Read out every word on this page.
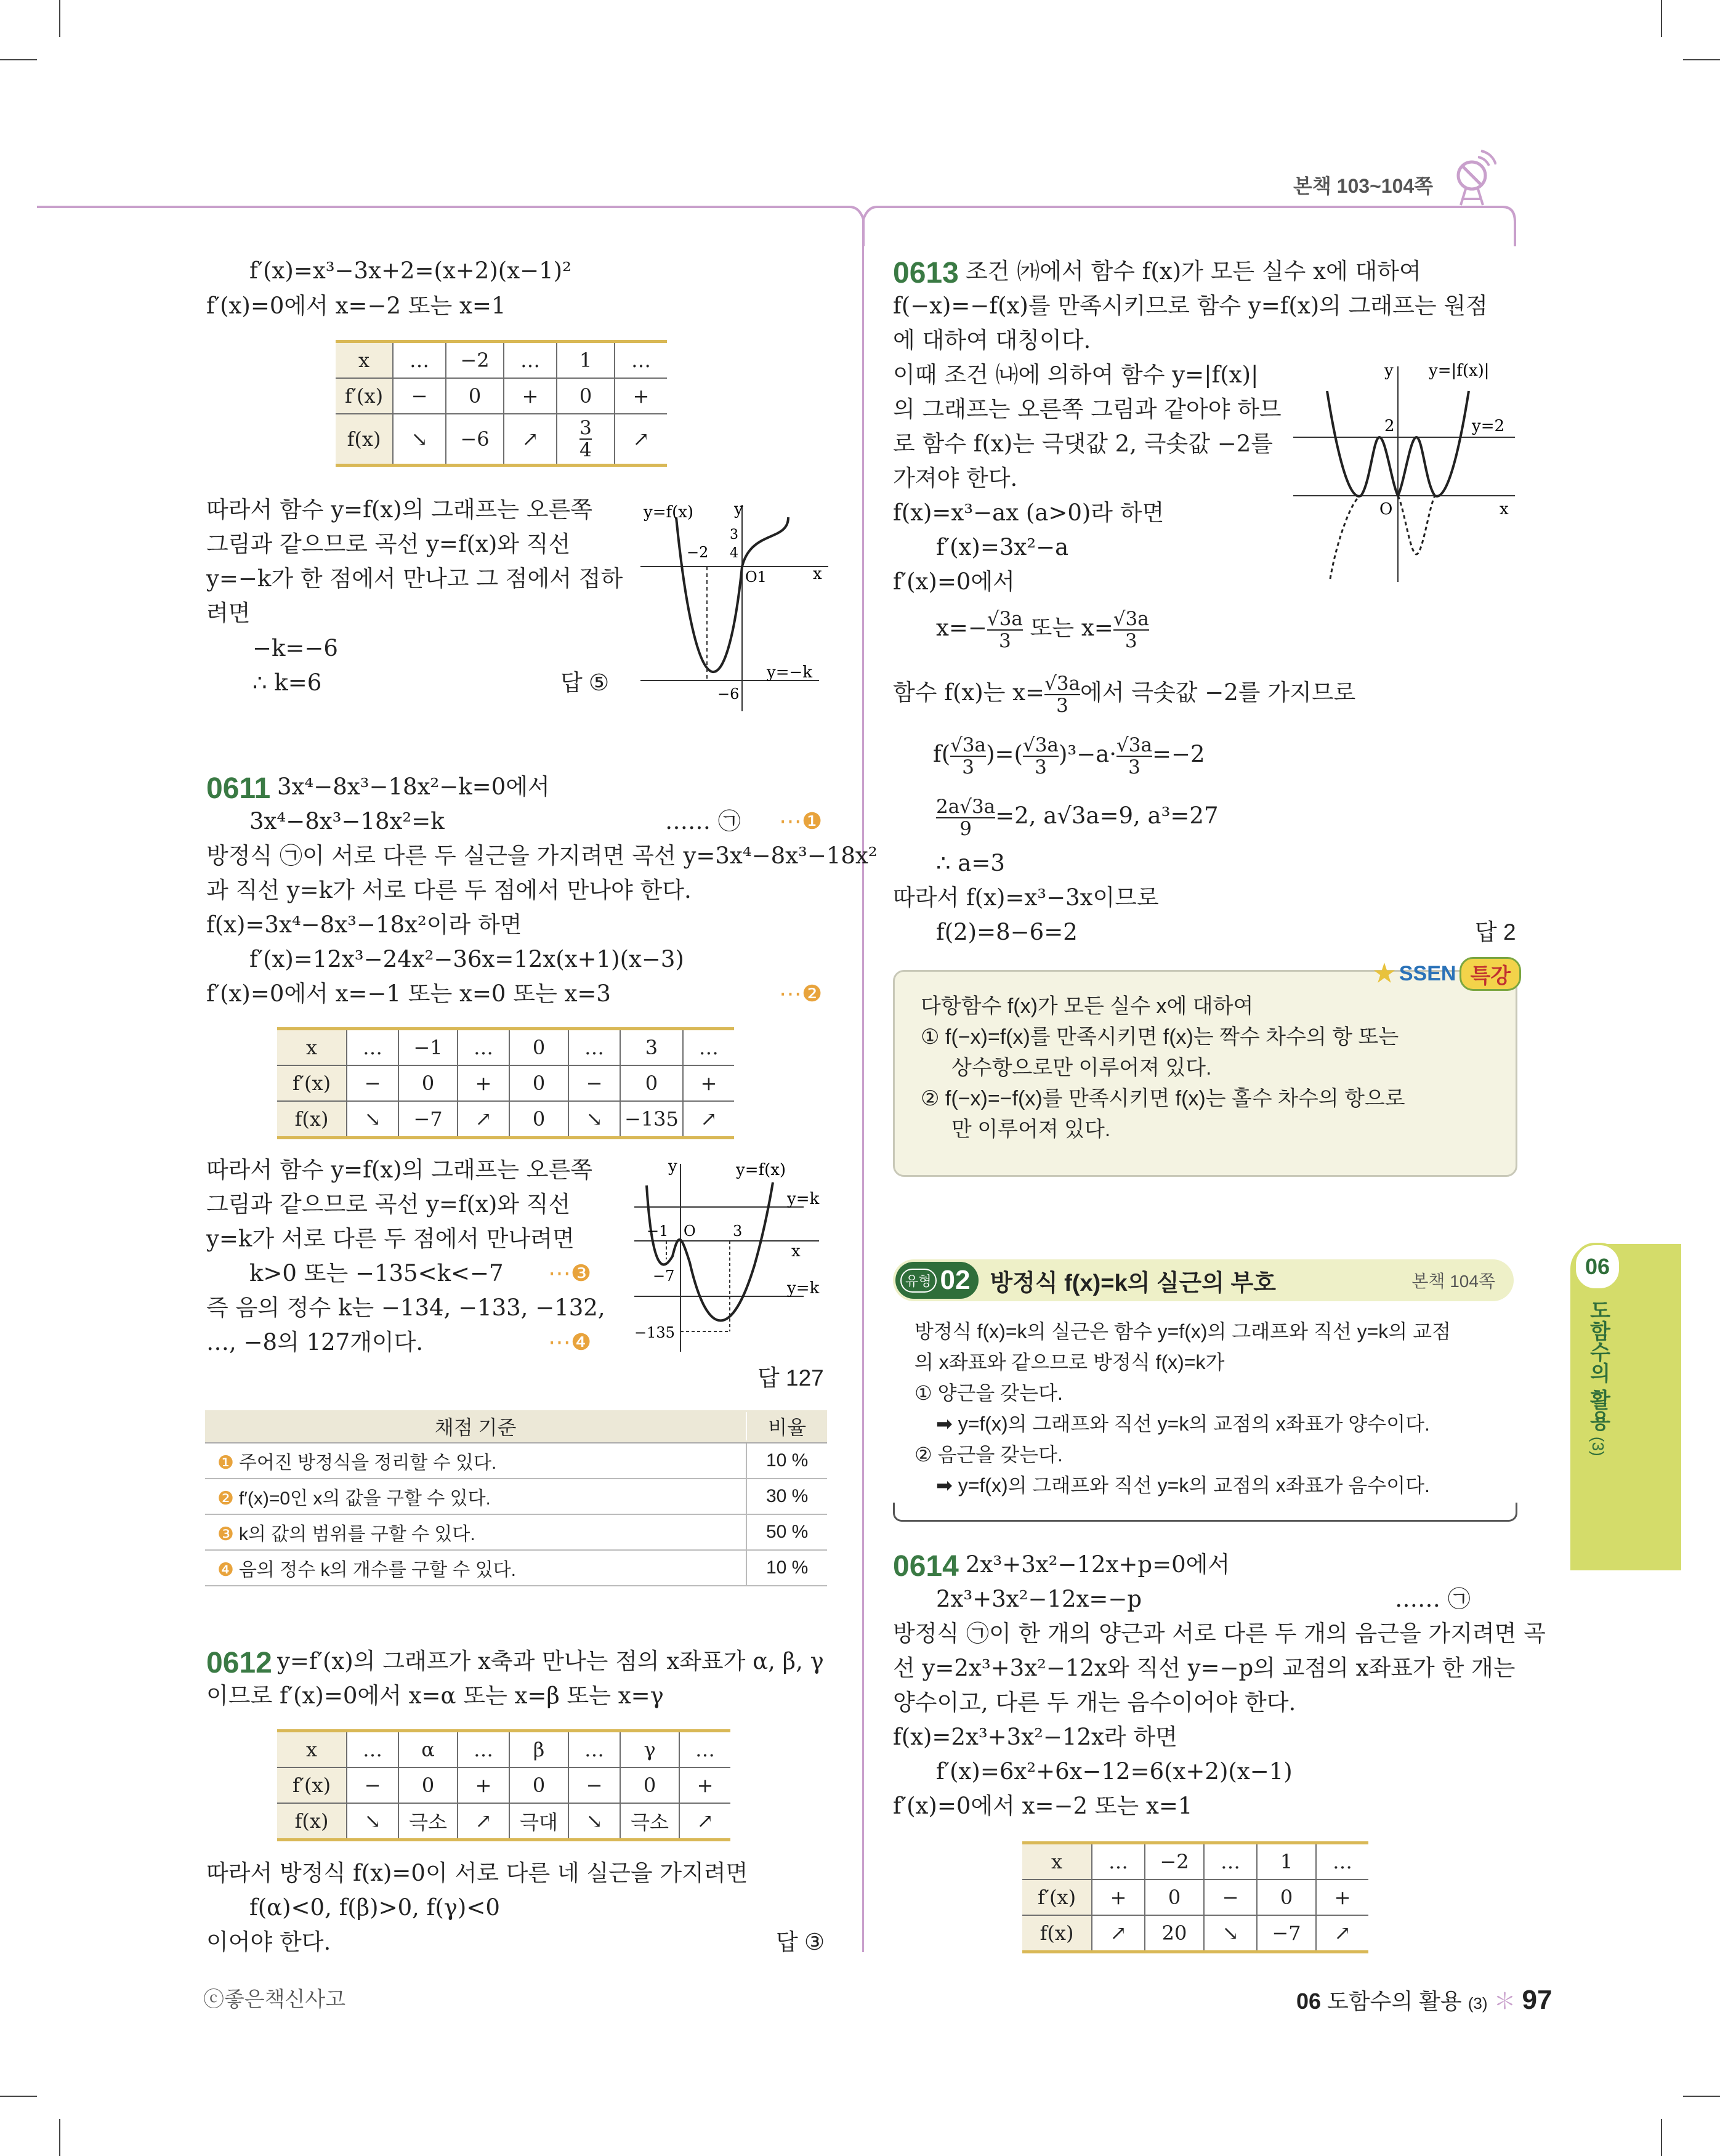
본책 103~104쪽
f′(x)=x³−3x+2=(x+2)(x−1)²
f′(x)=0에서 x=−2 또는 x=1
x	…	−2	…	1	…
f′(x)	−	0	+	0	+
f(x)	↘	−6	↗	$\frac{3}{4}$	↗
따라서 함수 y=f(x)의 그래프는 오른쪽
그림과 같으므로 곡선 y=f(x)와 직선
y=−k가 한 점에서 만나고 그 점에서 접하
려면
−k=−6
∴ k=6	답 ⑤
y=f(x)	y
x
−2
3
4
O1
y=−k
−6
0611 3x⁴−8x³−18x²−k=0에서
3x⁴−8x³−18x²=k	…… ㉠ ⋯❶
방정식 ㉠이 서로 다른 두 실근을 가지려면 곡선 y=3x⁴−8x³−18x²
과 직선 y=k가 서로 다른 두 점에서 만나야 한다.
f(x)=3x⁴−8x³−18x²이라 하면
f′(x)=12x³−24x²−36x=12x(x+1)(x−3)
f′(x)=0에서 x=−1 또는 x=0 또는 x=3	⋯❷
x	…	−1	…	0	…	3	…
f′(x)	−	0	+	0	−	0	+
f(x)	↘	−7	↗	0	↘	−135	↗
따라서 함수 y=f(x)의 그래프는 오른쪽
그림과 같으므로 곡선 y=f(x)와 직선
y=k가 서로 다른 두 점에서 만나려면
k>0 또는 −135<k<−7 ⋯❸
즉 음의 정수 k는 −134, −133, −132,
…, −8의 127개이다.	⋯❹
y	y=f(x)
y=k
x
−1 O	3
−7
y=k
−135
답 127
채점 기준	비율
❶ 주어진 방정식을 정리할 수 있다.	10 %
❷ f′(x)=0인 x의 값을 구할 수 있다.	30 %
❸ k의 값의 범위를 구할 수 있다.	50 %
❹ 음의 정수 k의 개수를 구할 수 있다.	10 %
0612 y=f′(x)의 그래프가 x축과 만나는 점의 x좌표가 α, β, γ
이므로 f′(x)=0에서 x=α 또는 x=β 또는 x=γ
x	…	α	…	β	…	γ	…
f′(x)	−	0	+	0	−	0	+
f(x)	↘	극소	↗	극대	↘	극소	↗
따라서 방정식 f(x)=0이 서로 다른 네 실근을 가지려면
f(α)<0, f(β)>0, f(γ)<0
이어야 한다.	답 ③
0613 조건 ㈎에서 함수 f(x)가 모든 실수 x에 대하여
f(−x)=−f(x)를 만족시키므로 함수 y=f(x)의 그래프는 원점
에 대하여 대칭이다.
이때 조건 ㈏에 의하여 함수 y=|f(x)|
의 그래프는 오른쪽 그림과 같아야 하므
로 함수 f(x)는 극댓값 2, 극솟값 −2를
가져야 한다.
f(x)=x³−ax (a>0)라 하면
f′(x)=3x²−a
f′(x)=0에서
$x=- \frac{√3a}{3}$ 또는 $x= \frac{√3a}{3}$
함수 f(x)는 $x= \frac{√3a}{3}$ 에서 극솟값 −2를 가지므로
$f( \frac{√3a}{3}$ )=( $\frac{√3a}{3} )^3-a\cdot \frac{√3a}{3} =-2$
$\frac{2a√3a}{9} =2$, a√3a=9, a³=27
∴ a=3
따라서 f(x)=x³−3x이므로
f(2)=8−6=2	답 2
y y=|f(x)|
2	y=2
O	x
★ SSEN 특강
다항함수 f(x)가 모든 실수 x에 대하여
① f(−x)=f(x)를 만족시키면 f(x)는 짝수 차수의 항 또는
상수항으로만 이루어져 있다.
② f(−x)=−f(x)를 만족시키면 f(x)는 홀수 차수의 항으로
만 이루어져 있다.
유형 02 방정식 f(x)=k의 실근의 부호	본책 104쪽
방정식 f(x)=k의 실근은 함수 y=f(x)의 그래프와 직선 y=k의 교점
의 x좌표와 같으므로 방정식 f(x)=k가
① 양근을 갖는다.
➡ y=f(x)의 그래프와 직선 y=k의 교점의 x좌표가 양수이다.
② 음근을 갖는다.
➡ y=f(x)의 그래프와 직선 y=k의 교점의 x좌표가 음수이다.
0614 2x³+3x²−12x+p=0에서
2x³+3x²−12x=−p	…… ㉠
방정식 ㉠이 한 개의 양근과 서로 다른 두 개의 음근을 가지려면 곡
선 y=2x³+3x²−12x와 직선 y=−p의 교점의 x좌표가 한 개는
양수이고, 다른 두 개는 음수이어야 한다.
f(x)=2x³+3x²−12x라 하면
f′(x)=6x²+6x−12=6(x+2)(x−1)
f′(x)=0에서 x=−2 또는 x=1
x	…	−2	…	1	…
f′(x)	+	0	−	0	+
f(x)	↗	20	↘	−7	↗
06
도함수의 활용 (3)
ⓒ좋은책신사고	06 도함수의 활용 (3) ＊ 97
